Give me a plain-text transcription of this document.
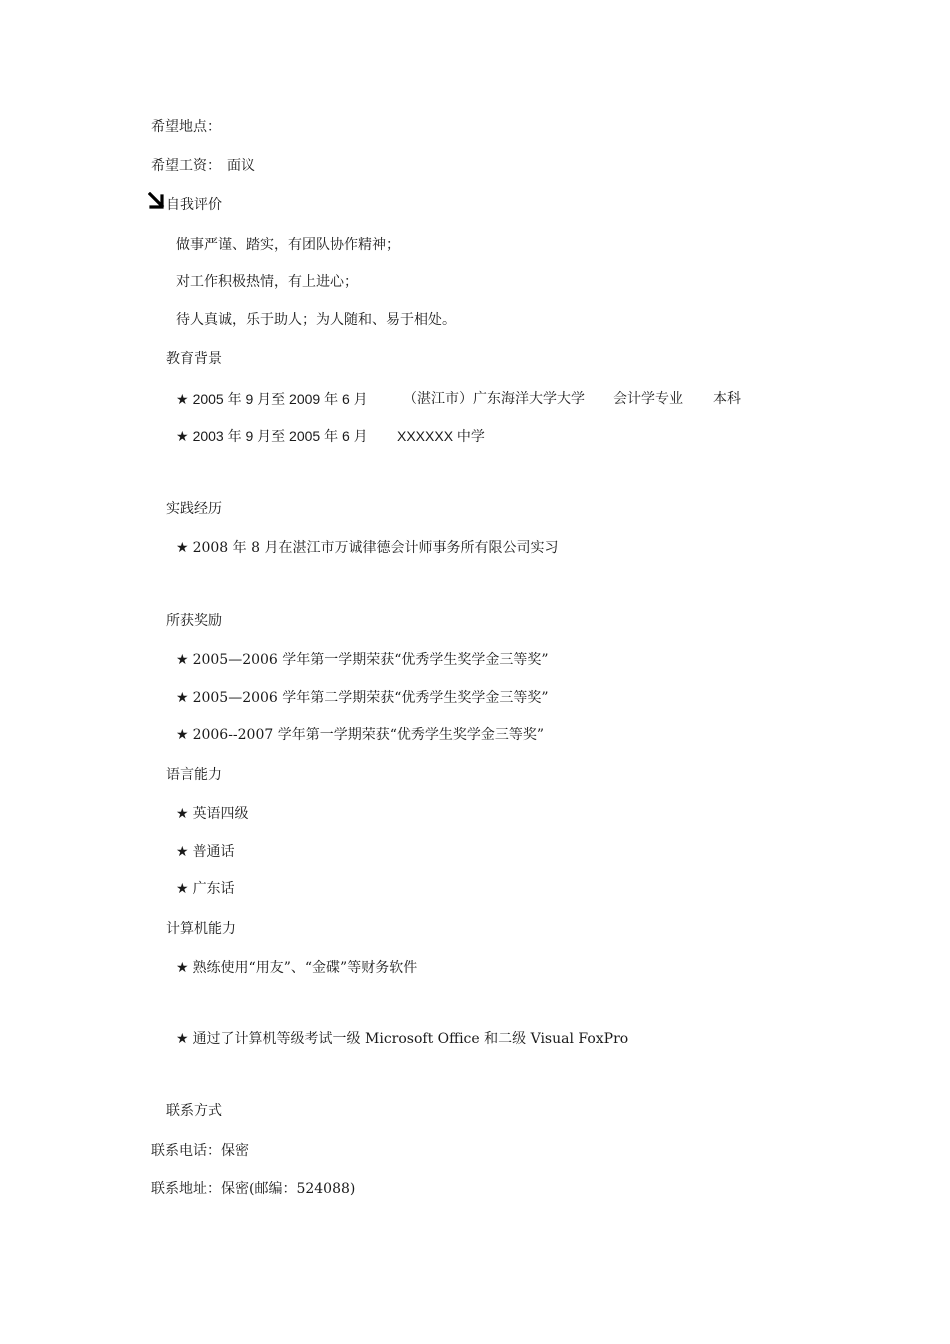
希望地点：
希望工资： 面议
自我评价
做事严谨、踏实，有团队协作精神；
对工作积极热情，有上进心；
待人真诚，乐于助人；为人随和、易于相处。
教育背景
★ 2005 年 9 月至 2009 年 6 月	（湛江市）广东海洋大学大学 会计学专业 本科
★ 2003 年 9 月至 2005 年 6 月 XXXXXX 中学
实践经历
★ 2008 年 8 月在湛江市万诚律德会计师事务所有限公司实习
所获奖励
★ 2005—2006 学年第一学期荣获“优秀学生奖学金三等奖”
★ 2005—2006 学年第二学期荣获“优秀学生奖学金三等奖”
★ 2006--2007 学年第一学期荣获“优秀学生奖学金三等奖”
语言能力
★ 英语四级
★ 普通话
★ 广东话
计算机能力
★ 熟练使用“用友”、“金碟”等财务软件
★ 通过了计算机等级考试一级 Microsoft Office 和二级 Visual FoxPro
联系方式
联系电话：保密
联系地址：保密(邮编：524088)
